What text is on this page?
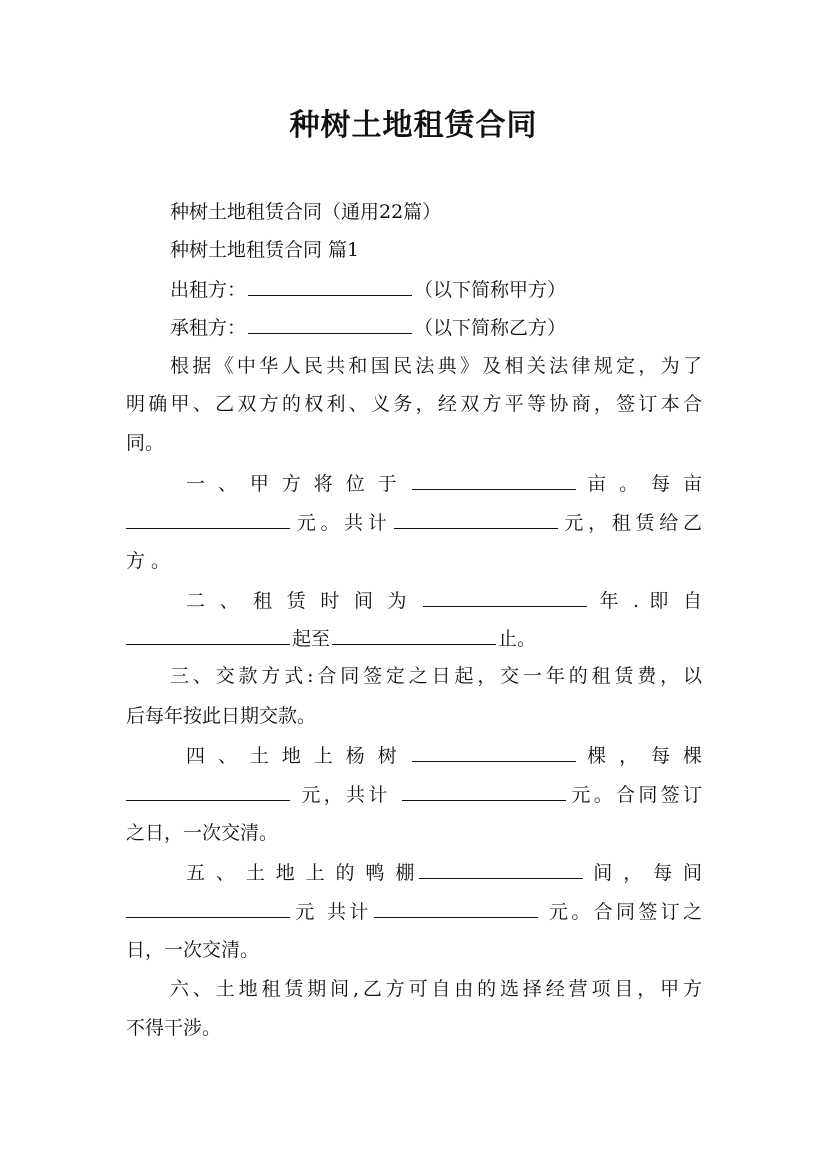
种树土地租赁合同
种树土地租赁合同（通用22篇）
种树土地租赁合同 篇1
出租方：	（以下简称甲方）
承租方：	（以下简称乙方）
根据《中华人民共和国民法典》及相关法律规定，为了
明确甲、乙双方的权利、义务，经双方平等协商，签订本合
同。
一 、 甲 方 将 位 于	亩 。 每 亩
元。共计	元，租赁给乙
方 。
二 、 租 赁 时 间 为	年 . 即 自
起至	止。
三、交款方式:合同签定之日起，交一年的租赁费，以
后每年按此日期交款。
四 、 土 地 上 杨 树	棵 ， 每 棵
元，共计	元。合同签订
之日，一次交清。
五 、 土 地 上 的 鸭 棚	间 ， 每 间
元 共计	元。合同签订之
日，一次交清。
六、土地租赁期间,乙方可自由的选择经营项目，甲方
不得干涉。
